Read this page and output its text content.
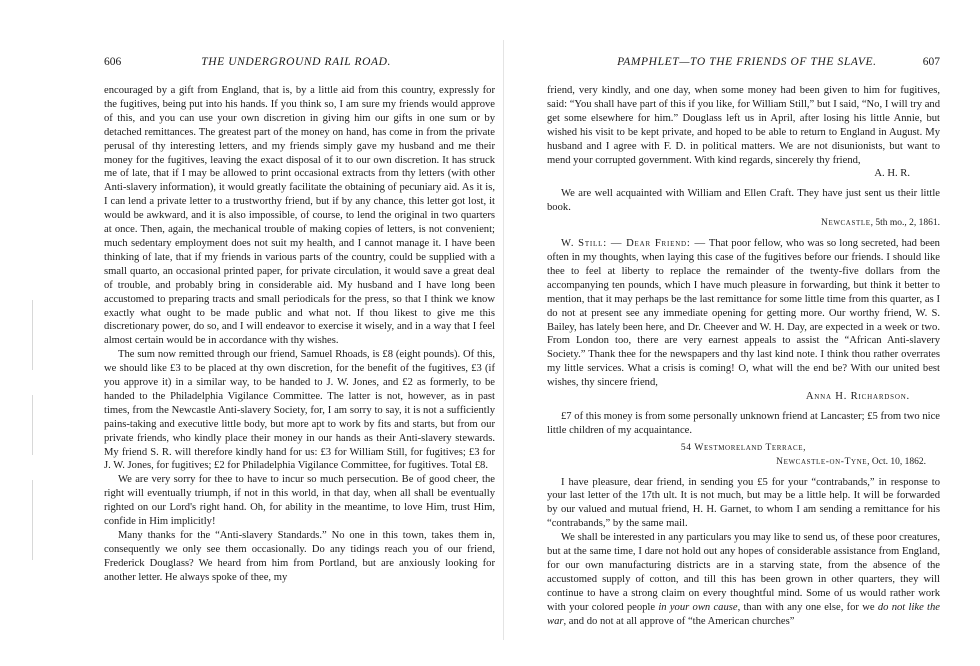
606	THE UNDERGROUND RAIL ROAD.

encouraged by a gift from England, that is, by a little aid from this country, expressly for the fugitives, being put into his hands. If you think so, I am sure my friends would approve of this, and you can use your own discretion in giving him our gifts in one sum or by detached remittances. The greatest part of the money on hand, has come in from the private perusal of thy interesting letters, and my friends simply gave my husband and me their money for the fugitives, leaving the exact disposal of it to our own discretion. It has struck me of late, that if I may be allowed to print occasional extracts from thy letters (with other Anti-slavery information), it would greatly facilitate the obtaining of pecuniary aid. As it is, I can lend a private letter to a trustworthy friend, but if by any chance, this letter got lost, it would be awkward, and it is also impossible, of course, to lend the original in two quarters at once. Then, again, the mechanical trouble of making copies of letters, is not convenient; much sedentary employment does not suit my health, and I cannot manage it. I have been thinking of late, that if my friends in various parts of the country, could be supplied with a small quarto, an occasional printed paper, for private circulation, it would save a great deal of trouble, and probably bring in considerable aid. My husband and I have long been accustomed to preparing tracts and small periodicals for the press, so that I think we know exactly what ought to be made public and what not. If thou likest to give me this discretionary power, do so, and I will endeavor to exercise it wisely, and in a way that I feel almost certain would be in accordance with thy wishes.

The sum now remitted through our friend, Samuel Rhoads, is £8 (eight pounds). Of this, we should like £3 to be placed at thy own discretion, for the benefit of the fugitives, £3 (if you approve it) in a similar way, to be handed to J. W. Jones, and £2 as formerly, to be handed to the Philadelphia Vigilance Committee. The latter is not, however, as in past times, from the Newcastle Anti-slavery Society, for, I am sorry to say, it is not a sufficiently pains-taking and executive little body, but more apt to work by fits and starts, but from our private friends, who kindly place their money in our hands as their Anti-slavery stewards. My friend S. R. will therefore kindly hand for us: £3 for William Still, for fugitives; £3 for J. W. Jones, for fugitives; £2 for Philadelphia Vigilance Committee, for fugitives. Total £8.

We are very sorry for thee to have to incur so much persecution. Be of good cheer, the right will eventually triumph, if not in this world, in that day, when all shall be eventually righted on our Lord's right hand. Oh, for ability in the meantime, to love Him, trust Him, confide in Him implicitly!

Many thanks for the “Anti-slavery Standards.” No one in this town, takes them in, consequently we only see them occasionally. Do any tidings reach you of our friend, Frederick Douglass? We heard from him from Portland, but are anxiously looking for another letter. He always spoke of thee, my

PAMPHLET—TO THE FRIENDS OF THE SLAVE.	607

friend, very kindly, and one day, when some money had been given to him for fugitives, said: “You shall have part of this if you like, for William Still,” but I said, “No, I will try and get some elsewhere for him.” Douglass left us in April, after losing his little Annie, but wished his visit to be kept private, and hoped to be able to return to England in August. My husband and I agree with F. D. in political matters. We are not disunionists, but want to mend your corrupted government. With kind regards, sincerely thy friend,

A. H. R.

We are well acquainted with William and Ellen Craft. They have just sent us their little book.

Newcastle, 5th mo., 2, 1861.

W. Still: — Dear Friend: — That poor fellow, who was so long secreted, had been often in my thoughts, when laying this case of the fugitives before our friends. I should like thee to feel at liberty to replace the remainder of the twenty-five dollars from the accompanying ten pounds, which I have much pleasure in forwarding, but think it better to mention, that it may perhaps be the last remittance for some little time from this quarter, as I do not at present see any immediate opening for getting more. Our worthy friend, W. S. Bailey, has lately been here, and Dr. Cheever and W. H. Day, are expected in a week or two. From London too, there are very earnest appeals to assist the “African Anti-slavery Society.” Thank thee for the newspapers and thy last kind note. I think thou rather overrates my little services. What a crisis is coming! O, what will the end be? With our united best wishes, thy sincere friend,

Anna H. Richardson.

£7 of this money is from some personally unknown friend at Lancaster; £5 from two nice little children of my acquaintance.

54 Westmoreland Terrace,
Newcastle-on-Tyne, Oct. 10, 1862.

I have pleasure, dear friend, in sending you £5 for your “contrabands,” in response to your last letter of the 17th ult. It is not much, but may be a little help. It will be forwarded by our valued and mutual friend, H. H. Garnet, to whom I am sending a remittance for his “contrabands,” by the same mail.

We shall be interested in any particulars you may like to send us, of these poor creatures, but at the same time, I dare not hold out any hopes of considerable assistance from England, for our own manufacturing districts are in a starving state, from the absence of the accustomed supply of cotton, and till this has been grown in other quarters, they will continue to have a strong claim on every thoughtful mind. Some of us would rather work with your colored people in your own cause, than with any one else, for we do not like the war, and do not at all approve of “the American churches”
